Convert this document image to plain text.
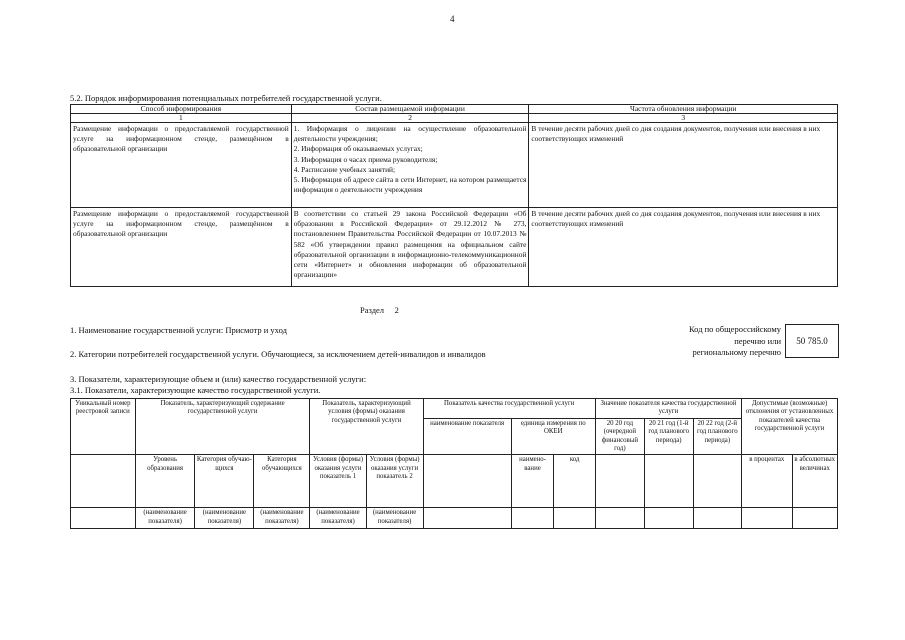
4
5.2. Порядок информирования потенциальных потребителей государственной услуги.
Способ информирования	Состав размещаемой информации	Частота обновления информации
1	2	3
Размещение информации о предоставляемой государственной услуге на информационном стенде, размещённом в образовательной организации	1. Информация о лицензии на осуществление образовательной деятельности учреждения;
2. Информация об оказываемых услугах;
3. Информация о часах приема руководителя;
4. Расписание учебных занятий;
5. Информация об адресе сайта в сети Интернет, на котором размещается информация о деятельности учреждения	В течение десяти рабочих дней со дня создания документов, получения или внесения в них соответствующих изменений
Размещение информации о предоставляемой государственной услуге на информационном стенде, размещённом в образовательной организации	В соответствии со статьей 29 закона Российской Федерации «Об образовании в Российской Федерации» от 29.12.2012 № 273, постановлением Правительства Российской Федерации от 10.07.2013 № 582 «Об утверждении правил размещения на официальном сайте образовательной организации в информационно-телекоммуникационной сети «Интернет» и обновления информации об образовательной организации»	В течение десяти рабочих дней со дня создания документов, получения или внесения в них соответствующих изменений
Раздел 2
1. Наименование государственной услуги: Присмотр и уход
2. Категории потребителей государственной услуги. Обучающиеся, за исключением детей-инвалидов и инвалидов
Код по общероссийскому
перечню или
региональному перечню
50 785.0
3. Показатели, характеризующие объем и (или) качество государственной услуги:
3.1. Показатели, характеризующие качество государственной услуги.
Уникальный номер реестровой записи	Показатель, характеризующий содержание государственной услуги			Показатель, характеризующий условия (формы) оказания государственной услуги		Показатель качества государственной услуги			Значение показателя качества государственной услуги			Допустимые (возможные) отклонения от установленных показателей качества государственной услуги	
						наименование показателя	единица измерения по ОКЕИ		20 20 год (очередной финансовый год)	20 21 год (1-й год планового периода)	20 22 год (2-й год планового периода)		
	Уровень образования	Категория обучаю-щихся	Категория обучающихся	Условия (формы) оказания услуги показатель 1	Условия (формы) оказания услуги показатель 2		наимено-вание	код				в процентах	в абсолютных величинах
	(наименование показателя)	(наименование показателя)	(наименование показателя)	(наименование показателя)	(наименование показателя)								
